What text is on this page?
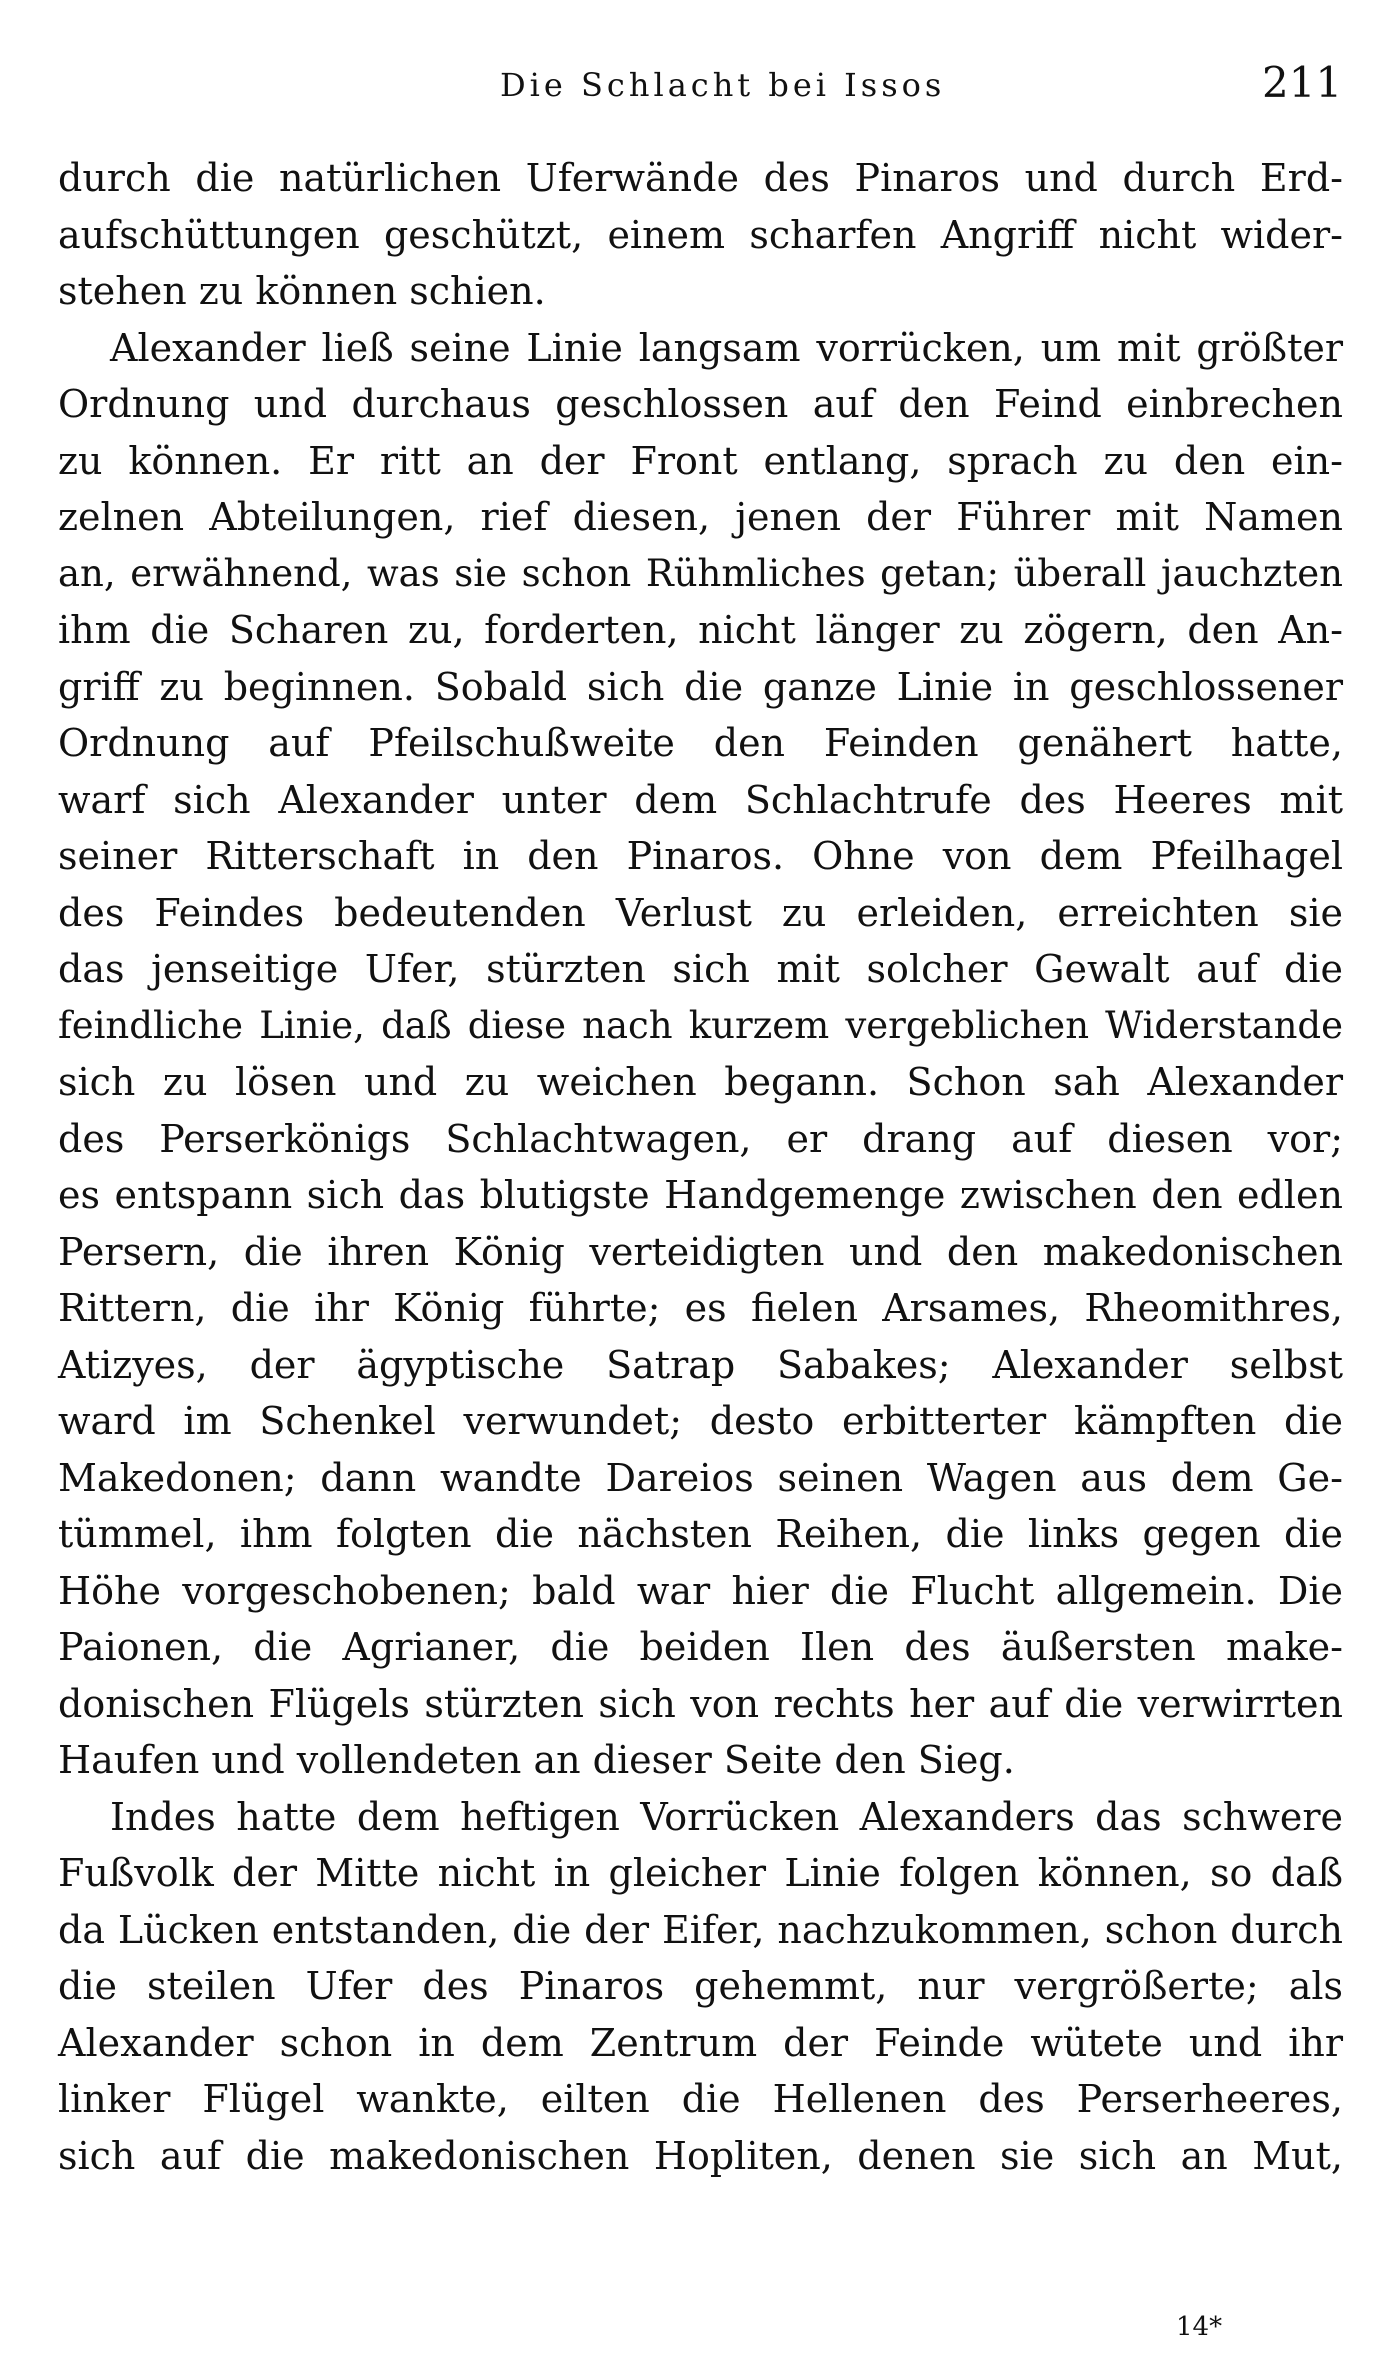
Die Schlacht bei Issos	211
durch die natürlichen Uferwände des Pinaros und durch Erd-
aufschüttungen geschützt, einem scharfen Angriff nicht wider-
stehen zu können schien.
Alexander ließ seine Linie langsam vorrücken, um mit größter
Ordnung und durchaus geschlossen auf den Feind einbrechen
zu können. Er ritt an der Front entlang, sprach zu den ein-
zelnen Abteilungen, rief diesen, jenen der Führer mit Namen
an, erwähnend, was sie schon Rühmliches getan; überall jauchzten
ihm die Scharen zu, forderten, nicht länger zu zögern, den An-
griff zu beginnen. Sobald sich die ganze Linie in geschlossener
Ordnung auf Pfeilschußweite den Feinden genähert hatte,
warf sich Alexander unter dem Schlachtrufe des Heeres mit
seiner Ritterschaft in den Pinaros. Ohne von dem Pfeilhagel
des Feindes bedeutenden Verlust zu erleiden, erreichten sie
das jenseitige Ufer, stürzten sich mit solcher Gewalt auf die
feindliche Linie, daß diese nach kurzem vergeblichen Widerstande
sich zu lösen und zu weichen begann. Schon sah Alexander
des Perserkönigs Schlachtwagen, er drang auf diesen vor;
es entspann sich das blutigste Handgemenge zwischen den edlen
Persern, die ihren König verteidigten und den makedonischen
Rittern, die ihr König führte; es fielen Arsames, Rheomithres,
Atizyes, der ägyptische Satrap Sabakes; Alexander selbst
ward im Schenkel verwundet; desto erbitterter kämpften die
Makedonen; dann wandte Dareios seinen Wagen aus dem Ge-
tümmel, ihm folgten die nächsten Reihen, die links gegen die
Höhe vorgeschobenen; bald war hier die Flucht allgemein. Die
Paionen, die Agrianer, die beiden Ilen des äußersten make-
donischen Flügels stürzten sich von rechts her auf die verwirrten
Haufen und vollendeten an dieser Seite den Sieg.
Indes hatte dem heftigen Vorrücken Alexanders das schwere
Fußvolk der Mitte nicht in gleicher Linie folgen können, so daß
da Lücken entstanden, die der Eifer, nachzukommen, schon durch
die steilen Ufer des Pinaros gehemmt, nur vergrößerte; als
Alexander schon in dem Zentrum der Feinde wütete und ihr
linker Flügel wankte, eilten die Hellenen des Perserheeres,
sich auf die makedonischen Hopliten, denen sie sich an Mut,
14*
